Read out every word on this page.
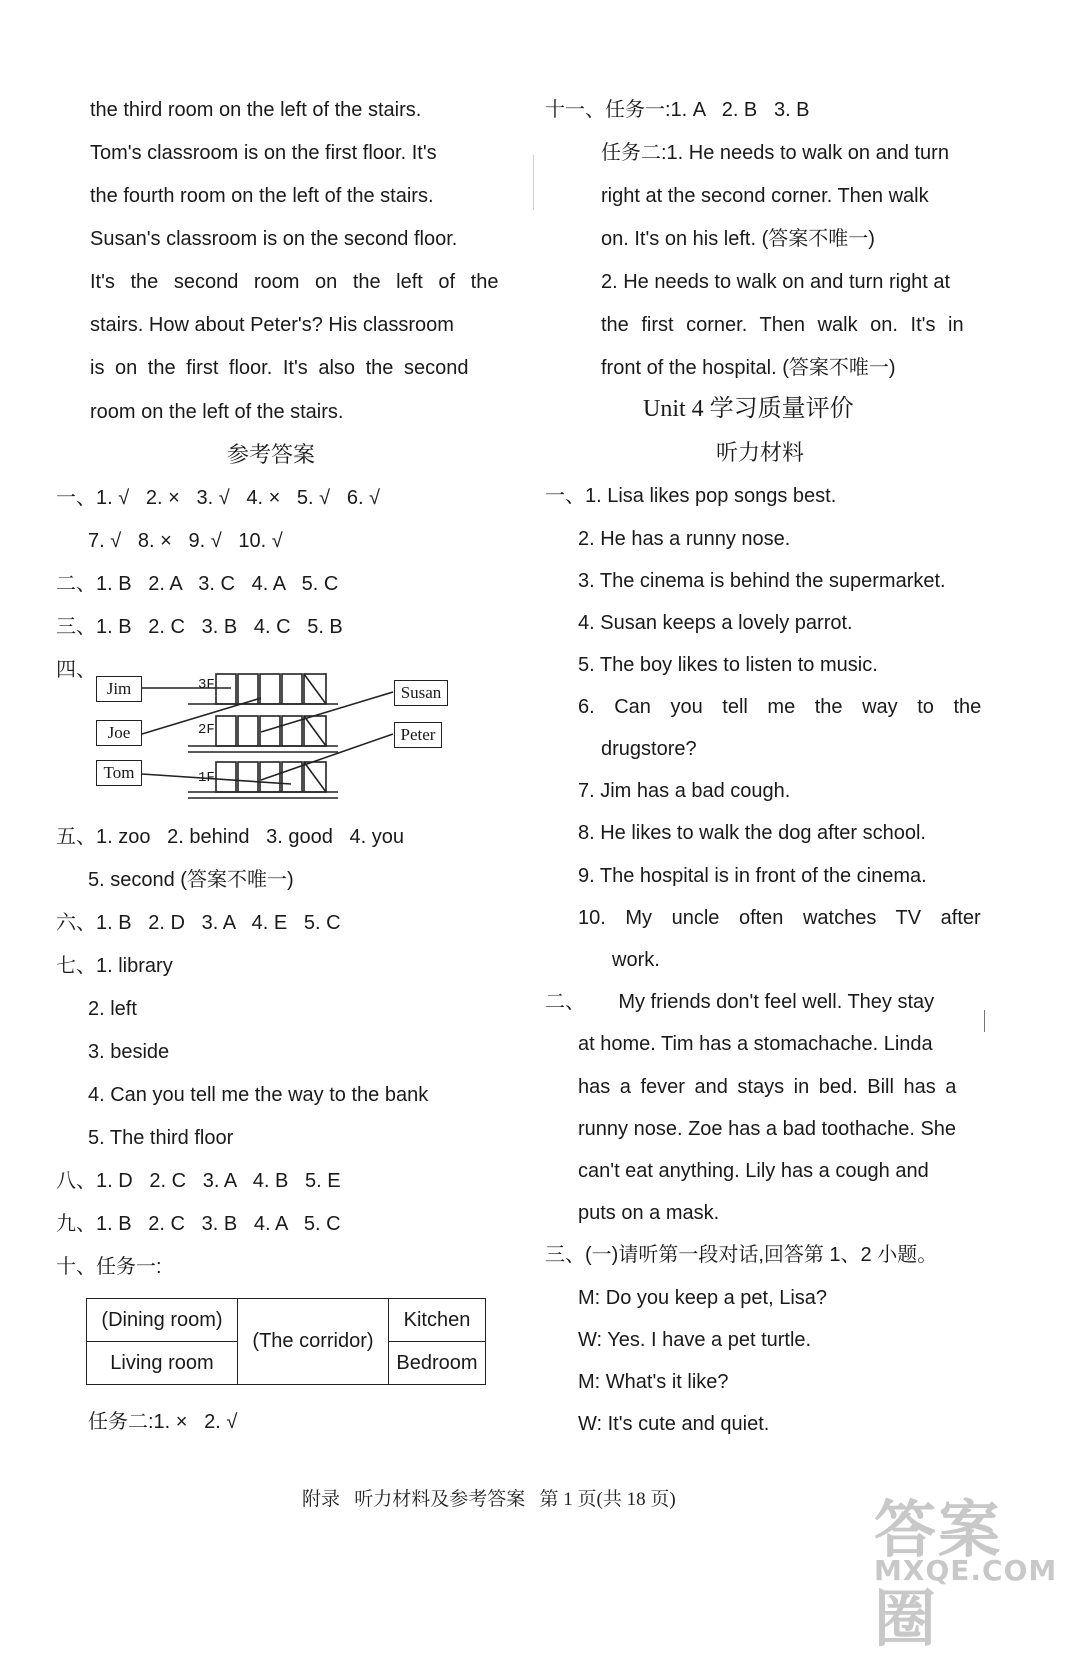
the third room on the left of the stairs.
Tom's classroom is on the first floor. It's
the fourth room on the left of the stairs.
Susan's classroom is on the second floor.
It's the second room on the left of the
stairs. How about Peter's? His classroom
is on the first floor. It's also the second
room on the left of the stairs.
参考答案
一、1. √   2. ×   3. √   4. ×   5. √   6. √
7. √   8. ×   9. √   10. √
二、1. B   2. A   3. C   4. A   5. C
三、1. B   2. C   3. B   4. C   5. B
四、
3F
2F
1F
Jim
Joe
Tom
Susan
Peter
五、1. zoo   2. behind   3. good   4. you
5. second (答案不唯一)
六、1. B   2. D   3. A   4. E   5. C
七、1. library
2. left
3. beside
4. Can you tell me the way to the bank
5. The third floor
八、1. D   2. C   3. A   4. B   5. E
九、1. B   2. C   3. B   4. A   5. C
十、任务一:
(Dining room)	(The corridor)	Kitchen
Living room		Bedroom
任务二:1. ×   2. √
十一、任务一:1. A   2. B   3. B
任务二:1. He needs to walk on and turn
right at the second corner. Then walk
on. It's on his left. (答案不唯一)
2. He needs to walk on and turn right at
the first corner. Then walk on. It's in
front of the hospital. (答案不唯一)
Unit 4 学习质量评价
听力材料
一、1. Lisa likes pop songs best.
2. He has a runny nose.
3. The cinema is behind the supermarket.
4. Susan keeps a lovely parrot.
5. The boy likes to listen to music.
6. Can you tell me the way to the
drugstore?
7. Jim has a bad cough.
8. He likes to walk the dog after school.
9. The hospital is in front of the cinema.
10. My uncle often watches TV after
work.
二、      My friends don't feel well. They stay
at home. Tim has a stomachache. Linda
has a fever and stays in bed. Bill has a
runny nose. Zoe has a bad toothache. She
can't eat anything. Lily has a cough and
puts on a mask.
三、(一)请听第一段对话,回答第 1、2 小题。
M: Do you keep a pet, Lisa?
W: Yes. I have a pet turtle.
M: What's it like?
W: It's cute and quiet.
附录   听力材料及参考答案   第 1 页(共 18 页)	答案圈
MXQE.COM
